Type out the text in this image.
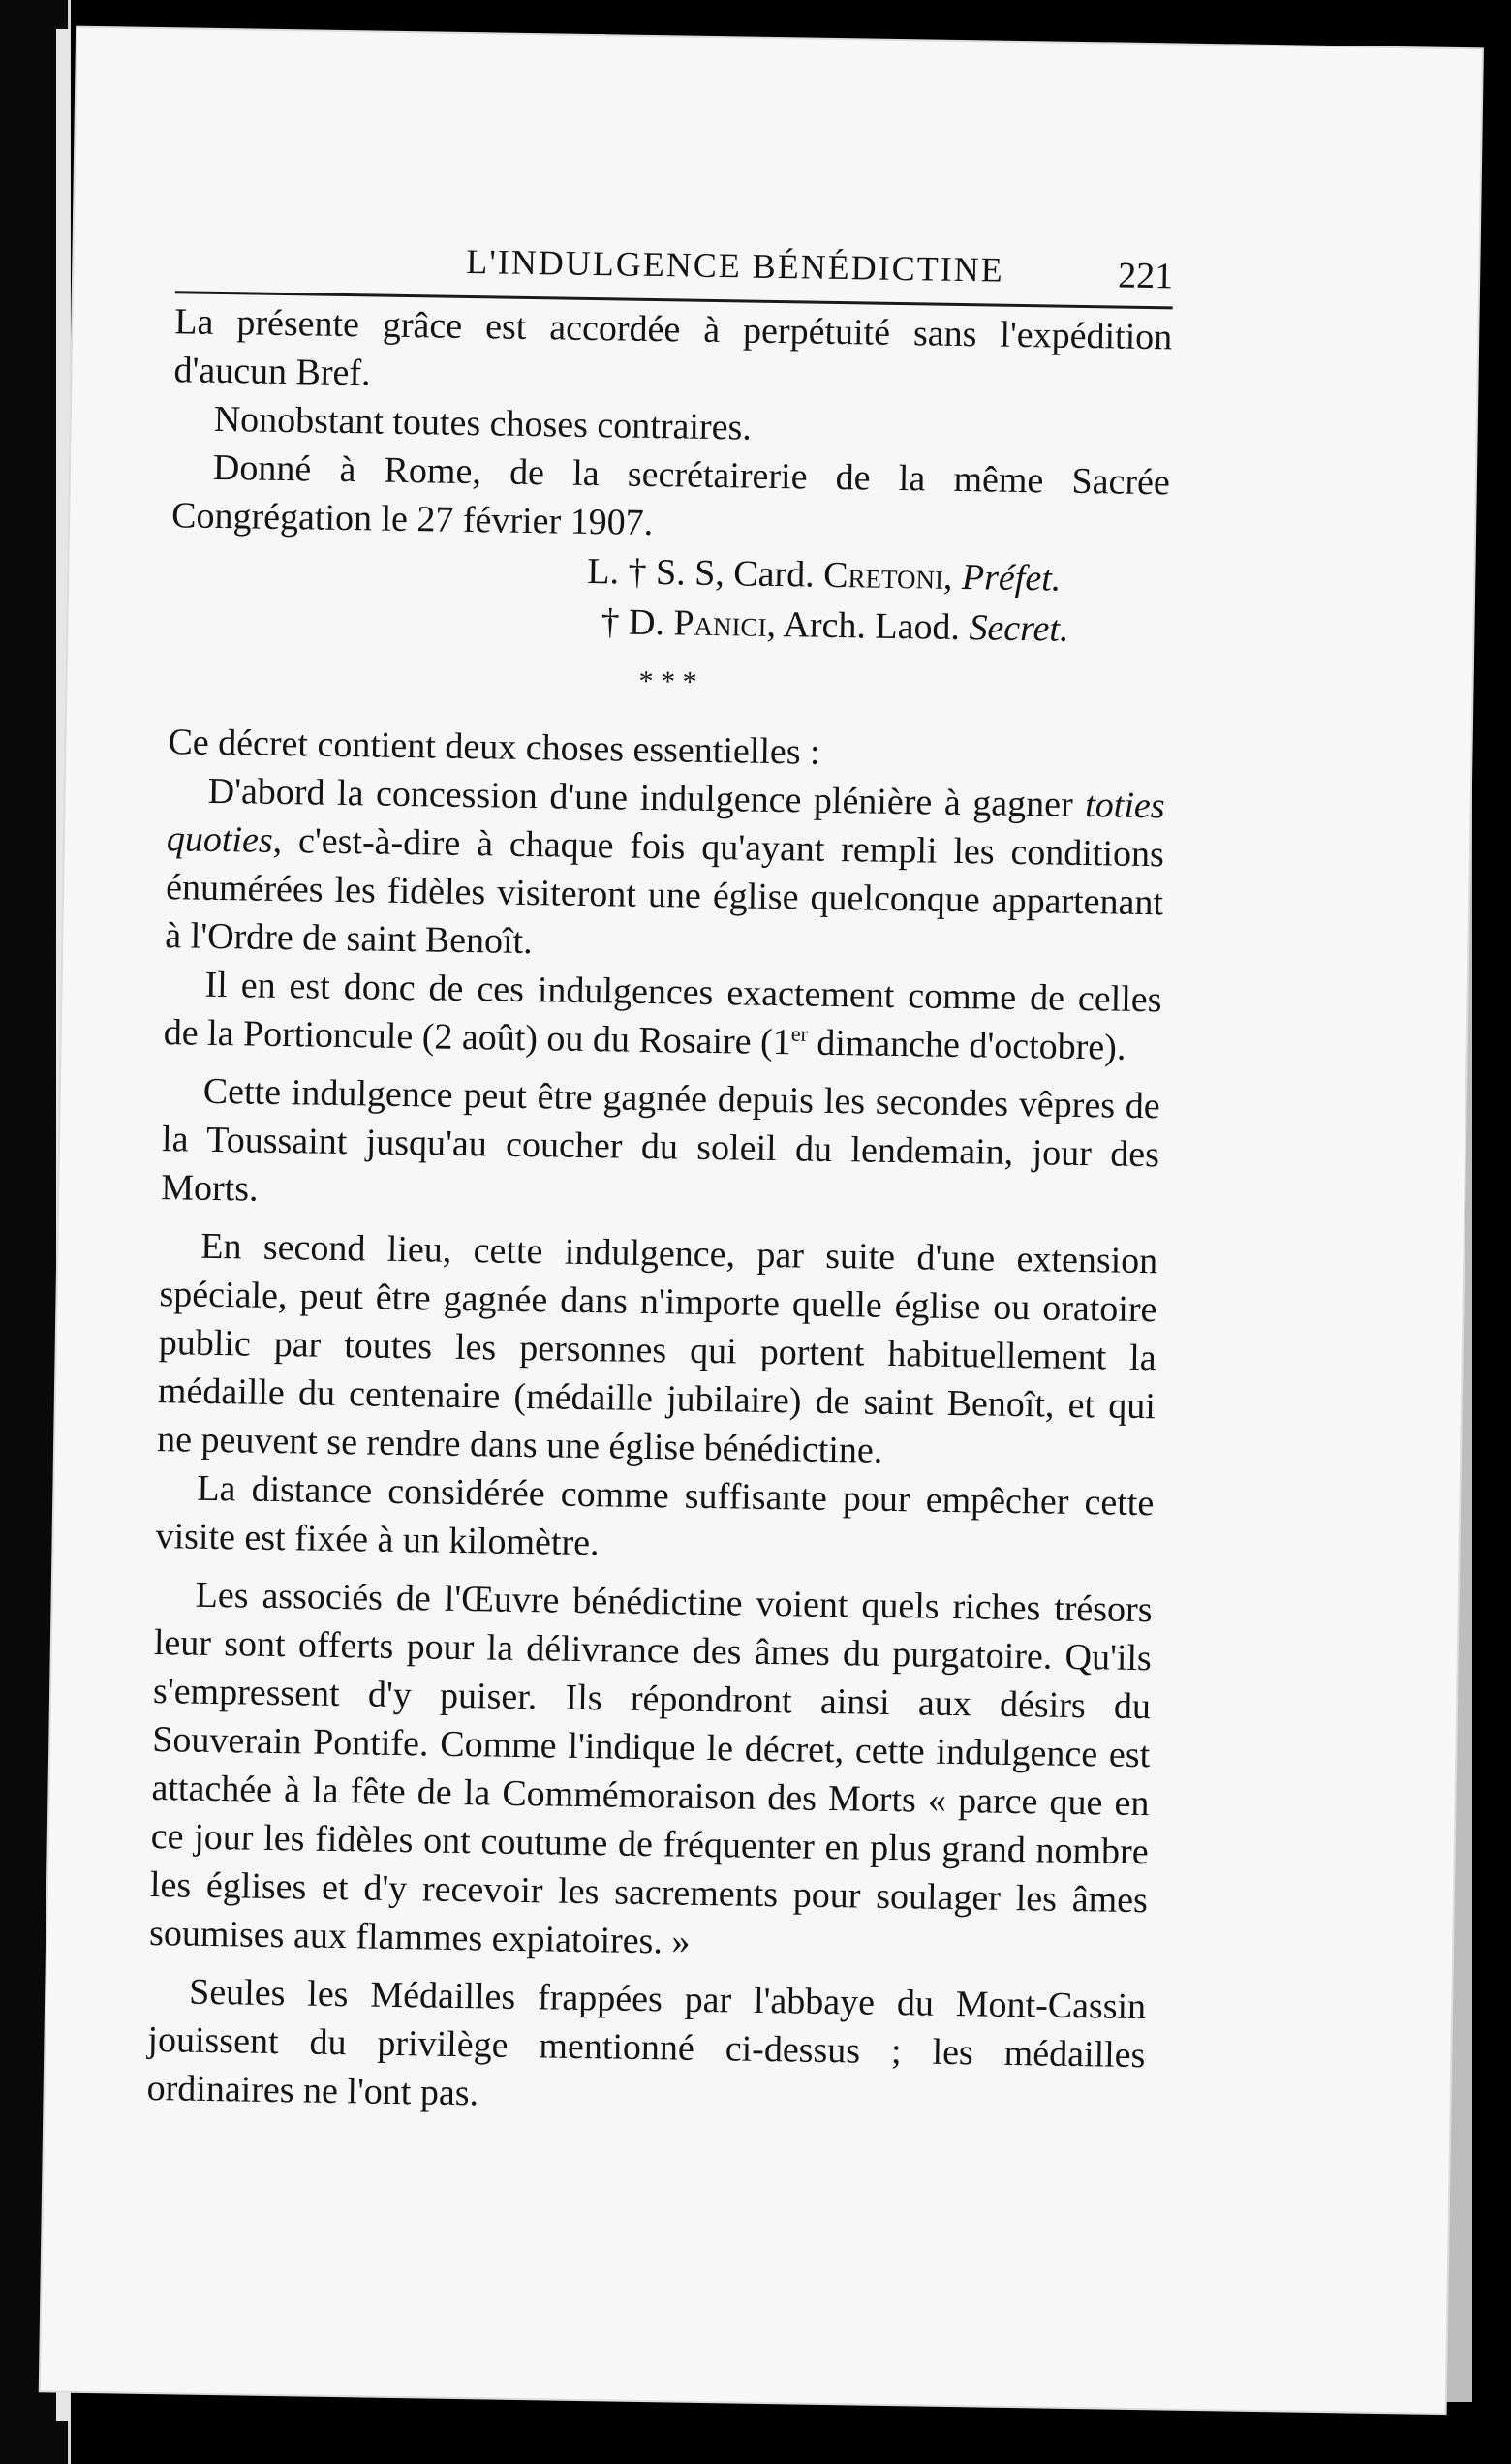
L'INDULGENCE BÉNÉDICTINE	221

La présente grâce est accordée à perpétuité sans l'expédition d'aucun Bref.

Nonobstant toutes choses contraires.

Donné à Rome, de la secrétairerie de la même Sacrée Congrégation le 27 février 1907.

L. † S. S, Card. Cretoni, Préfet.

† D. Panici, Arch. Laod. Secret.

* * *

Ce décret contient deux choses essentielles :

D'abord la concession d'une indulgence plénière à gagner toties quoties, c'est-à-dire à chaque fois qu'ayant rempli les conditions énumérées les fidèles visiteront une église quelconque appartenant à l'Ordre de saint Benoît.

Il en est donc de ces indulgences exactement comme de celles de la Portioncule (2 août) ou du Rosaire (1er dimanche d'octobre).

Cette indulgence peut être gagnée depuis les secondes vêpres de la Toussaint jusqu'au coucher du soleil du lendemain, jour des Morts.

En second lieu, cette indulgence, par suite d'une extension spéciale, peut être gagnée dans n'importe quelle église ou oratoire public par toutes les personnes qui portent habituellement la médaille du centenaire (médaille jubilaire) de saint Benoît, et qui ne peuvent se rendre dans une église bénédictine.

La distance considérée comme suffisante pour empêcher cette visite est fixée à un kilomètre.

Les associés de l'Œuvre bénédictine voient quels riches trésors leur sont offerts pour la délivrance des âmes du purgatoire. Qu'ils s'empressent d'y puiser. Ils répondront ainsi aux désirs du Souverain Pontife. Comme l'indique le décret, cette indulgence est attachée à la fête de la Commémoraison des Morts « parce que en ce jour les fidèles ont coutume de fréquenter en plus grand nombre les églises et d'y recevoir les sacrements pour soulager les âmes soumises aux flammes expiatoires. »

Seules les Médailles frappées par l'abbaye du Mont-Cassin jouissent du privilège mentionné ci-dessus ; les médailles ordinaires ne l'ont pas.
